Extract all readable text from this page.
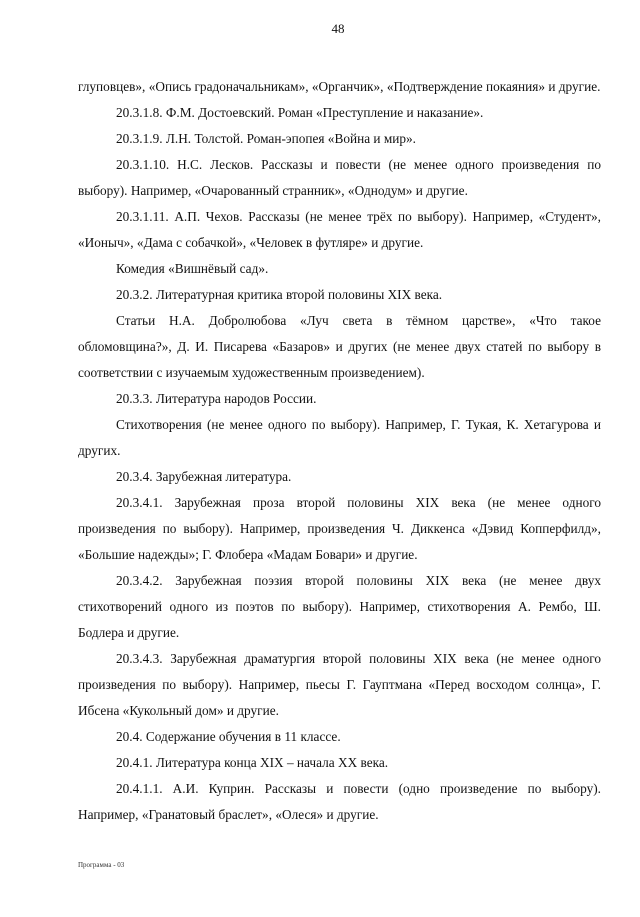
48

глуповцев», «Опись градоначальникам», «Органчик», «Подтверждение покаяния» и другие.

20.3.1.8. Ф.М. Достоевский. Роман «Преступление и наказание».

20.3.1.9. Л.Н. Толстой. Роман-эпопея «Война и мир».

20.3.1.10. Н.С. Лесков. Рассказы и повести (не менее одного произведения по выбору). Например, «Очарованный странник», «Однодум» и другие.

20.3.1.11. А.П. Чехов. Рассказы (не менее трёх по выбору). Например, «Студент», «Ионыч», «Дама с собачкой», «Человек в футляре» и другие.

Комедия «Вишнёвый сад».

20.3.2. Литературная критика второй половины XIX века.

Статьи Н.А. Добролюбова «Луч света в тёмном царстве», «Что такое обломовщина?», Д. И. Писарева «Базаров» и других (не менее двух статей по выбору в соответствии с изучаемым художественным произведением).

20.3.3. Литература народов России.

Стихотворения (не менее одного по выбору). Например, Г. Тукая, К. Хетагурова и других.

20.3.4. Зарубежная литература.

20.3.4.1. Зарубежная проза второй половины XIX века (не менее одного произведения по выбору). Например, произведения Ч. Диккенса «Дэвид Копперфилд», «Большие надежды»; Г. Флобера «Мадам Бовари» и другие.

20.3.4.2. Зарубежная поэзия второй половины XIX века (не менее двух стихотворений одного из поэтов по выбору). Например, стихотворения А. Рембо, Ш. Бодлера и другие.

20.3.4.3. Зарубежная драматургия второй половины XIX века (не менее одного произведения по выбору). Например, пьесы Г. Гауптмана «Перед восходом солнца», Г. Ибсена «Кукольный дом» и другие.

20.4. Содержание обучения в 11 классе.

20.4.1. Литература конца XIX – начала XX века.

20.4.1.1. А.И. Куприн. Рассказы и повести (одно произведение по выбору). Например, «Гранатовый браслет», «Олеся» и другие.

Программа - 03
